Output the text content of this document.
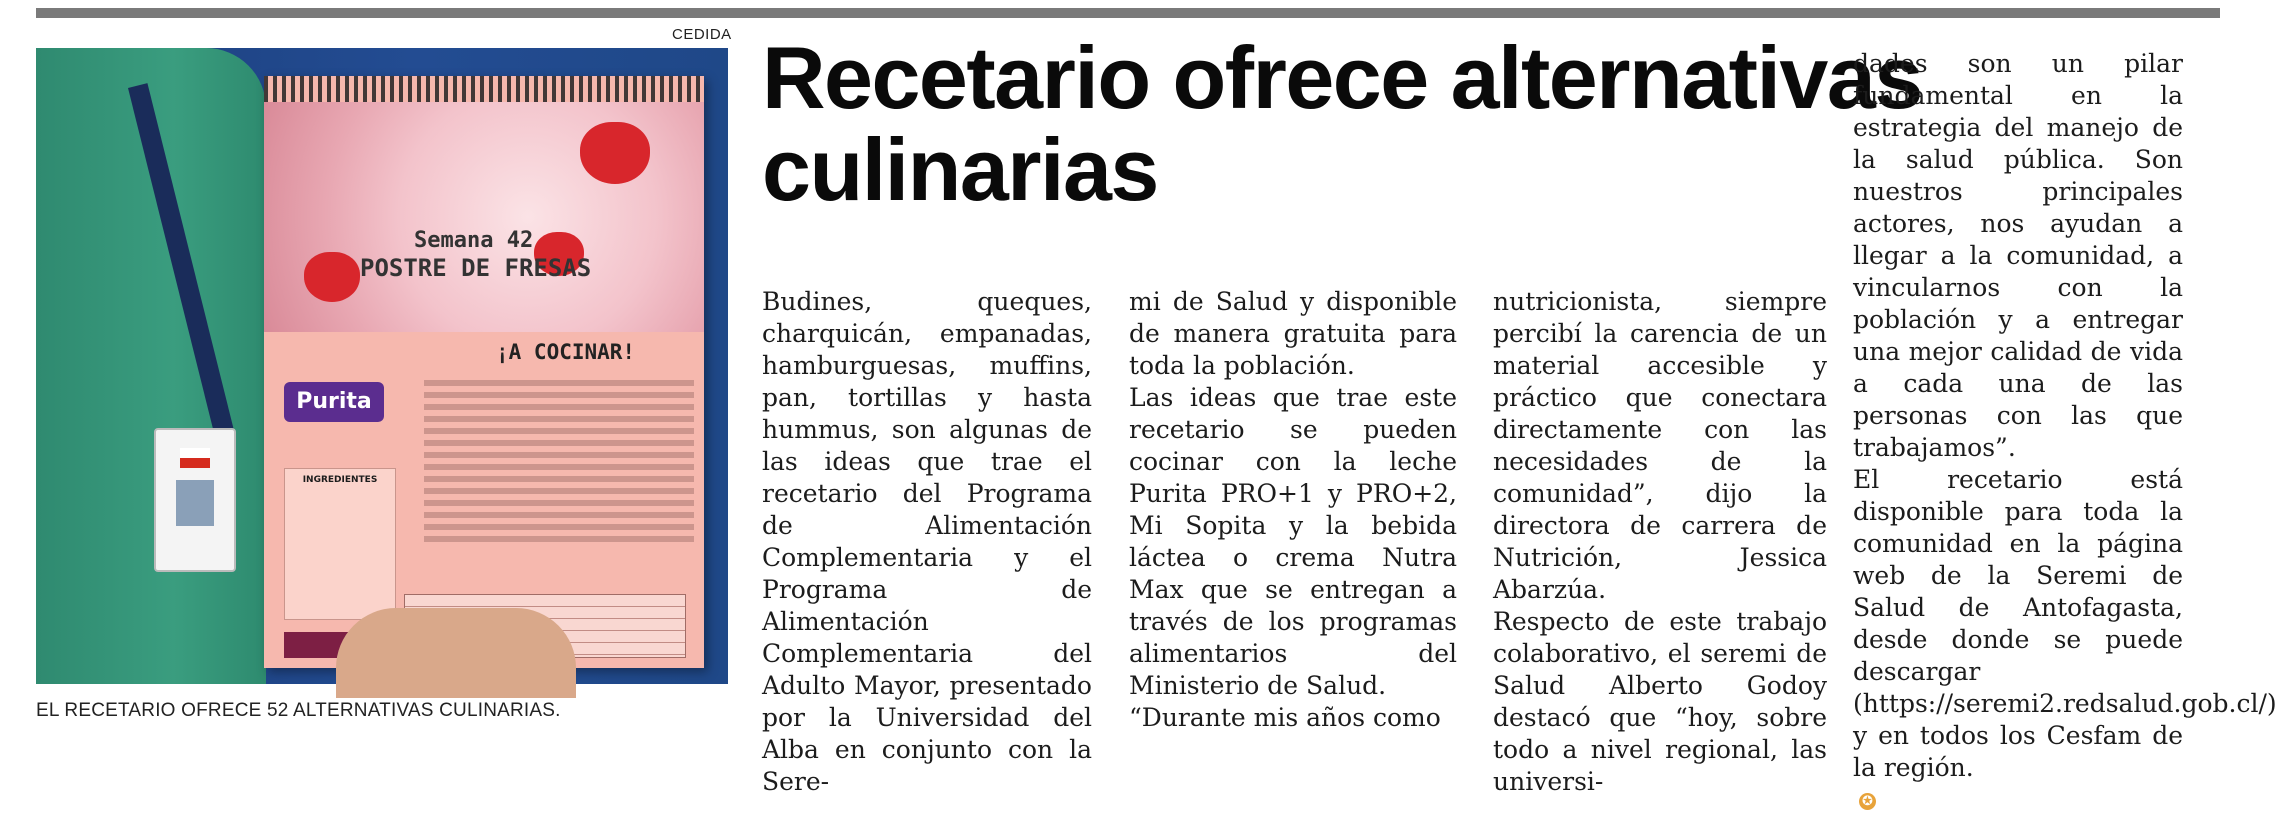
CEDIDA
Semana 42
POSTRE DE FRESAS
¡A COCINAR!
Purita
INGREDIENTES
EL RECETARIO OFRECE 52 ALTERNATIVAS CULINARIAS.
Recetario ofrece alternativas culinarias

Budines, queques, charquicán, empanadas, hamburguesas, muffins, pan, tortillas y hasta hummus, son algunas de las ideas que trae el recetario del Programa de Alimentación Complementaria y el Programa de Alimentación Complementaria del Adulto Mayor, presentado por la Universidad del Alba en conjunto con la Sere-

mi de Salud y disponible de manera gratuita para toda la población.
Las ideas que trae este recetario se pueden cocinar con la leche Purita PRO+1 y PRO+2, Mi Sopita y la bebida láctea o crema Nutra Max que se entregan a través de los programas alimentarios del Ministerio de Salud.
“Durante mis años como

nutricionista, siempre percibí la carencia de un material accesible y práctico que conectara directamente con las necesidades de la comunidad”, dijo la directora de carrera de Nutrición, Jessica Abarzúa.
Respecto de este trabajo colaborativo, el seremi de Salud Alberto Godoy destacó que “hoy, sobre todo a nivel regional, las universi-

dades son un pilar fundamental en la estrategia del manejo de la salud pública. Son nuestros principales actores, nos ayudan a llegar a la comunidad, a vincularnos con la población y a entregar una mejor calidad de vida a cada una de las personas con las que trabajamos”.
El recetario está disponible para toda la comunidad en la página web de la Seremi de Salud de Antofagasta, desde donde se puede descargar (https://seremi2.redsalud.gob.cl/) y en todos los Cesfam de la región.

✪
